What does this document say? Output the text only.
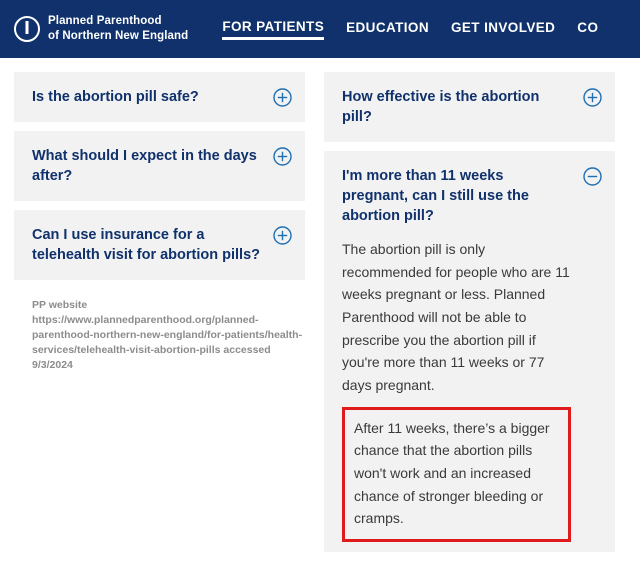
Planned Parenthood
of Northern New England
FOR PATIENTS EDUCATION GET INVOLVED CO
Is the abortion pill safe?
What should I expect in the days after?
Can I use insurance for a telehealth visit for abortion pills?
PP website
https://www.plannedparenthood.org/planned-parenthood-northern-new-england/for-patients/health-services/telehealth-visit-abortion-pills accessed 9/3/2024
How effective is the abortion pill?
I'm more than 11 weeks pregnant, can I still use the abortion pill?

The abortion pill is only recommended for people who are 11 weeks pregnant or less. Planned Parenthood will not be able to prescribe you the abortion pill if you're more than 11 weeks or 77 days pregnant.

After 11 weeks, there’s a bigger chance that the abortion pills won't work and an increased chance of stronger bleeding or cramps.
